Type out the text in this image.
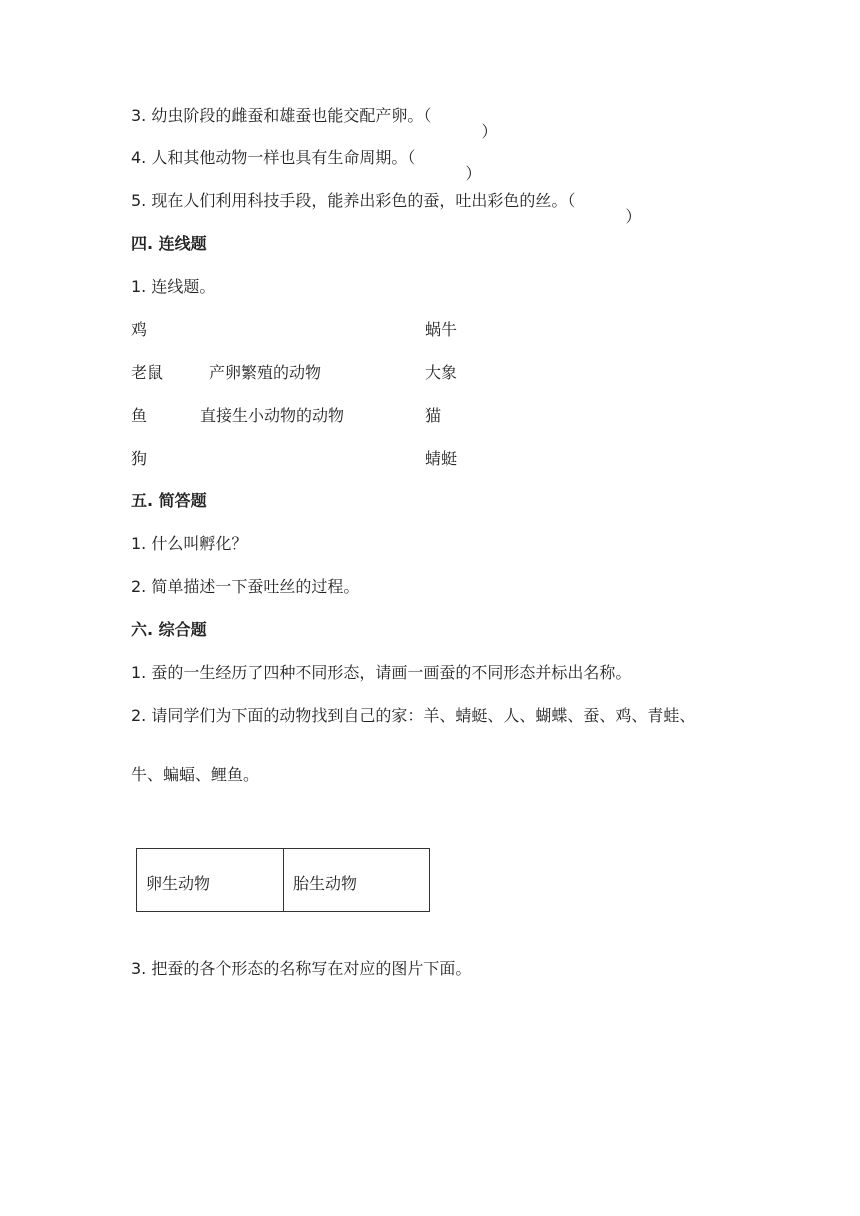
3. 幼虫阶段的雌蚕和雄蚕也能交配产卵。（
）
4. 人和其他动物一样也具有生命周期。（
）
5. 现在人们利用科技手段，能养出彩色的蚕，吐出彩色的丝。（
）
四. 连线题
1. 连线题。
鸡
老鼠
鱼
狗
产卵繁殖的动物
直接生小动物的动物
蜗牛
大象
猫
蜻蜓
五. 简答题
1. 什么叫孵化？
2. 简单描述一下蚕吐丝的过程。
六. 综合题
1. 蚕的一生经历了四种不同形态，请画一画蚕的不同形态并标出名称。
2. 请同学们为下面的动物找到自己的家：羊、蜻蜓、人、蝴蝶、蚕、鸡、青蛙、
牛、蝙蝠、鲤鱼。
卵生动物	胎生动物
3. 把蚕的各个形态的名称写在对应的图片下面。
